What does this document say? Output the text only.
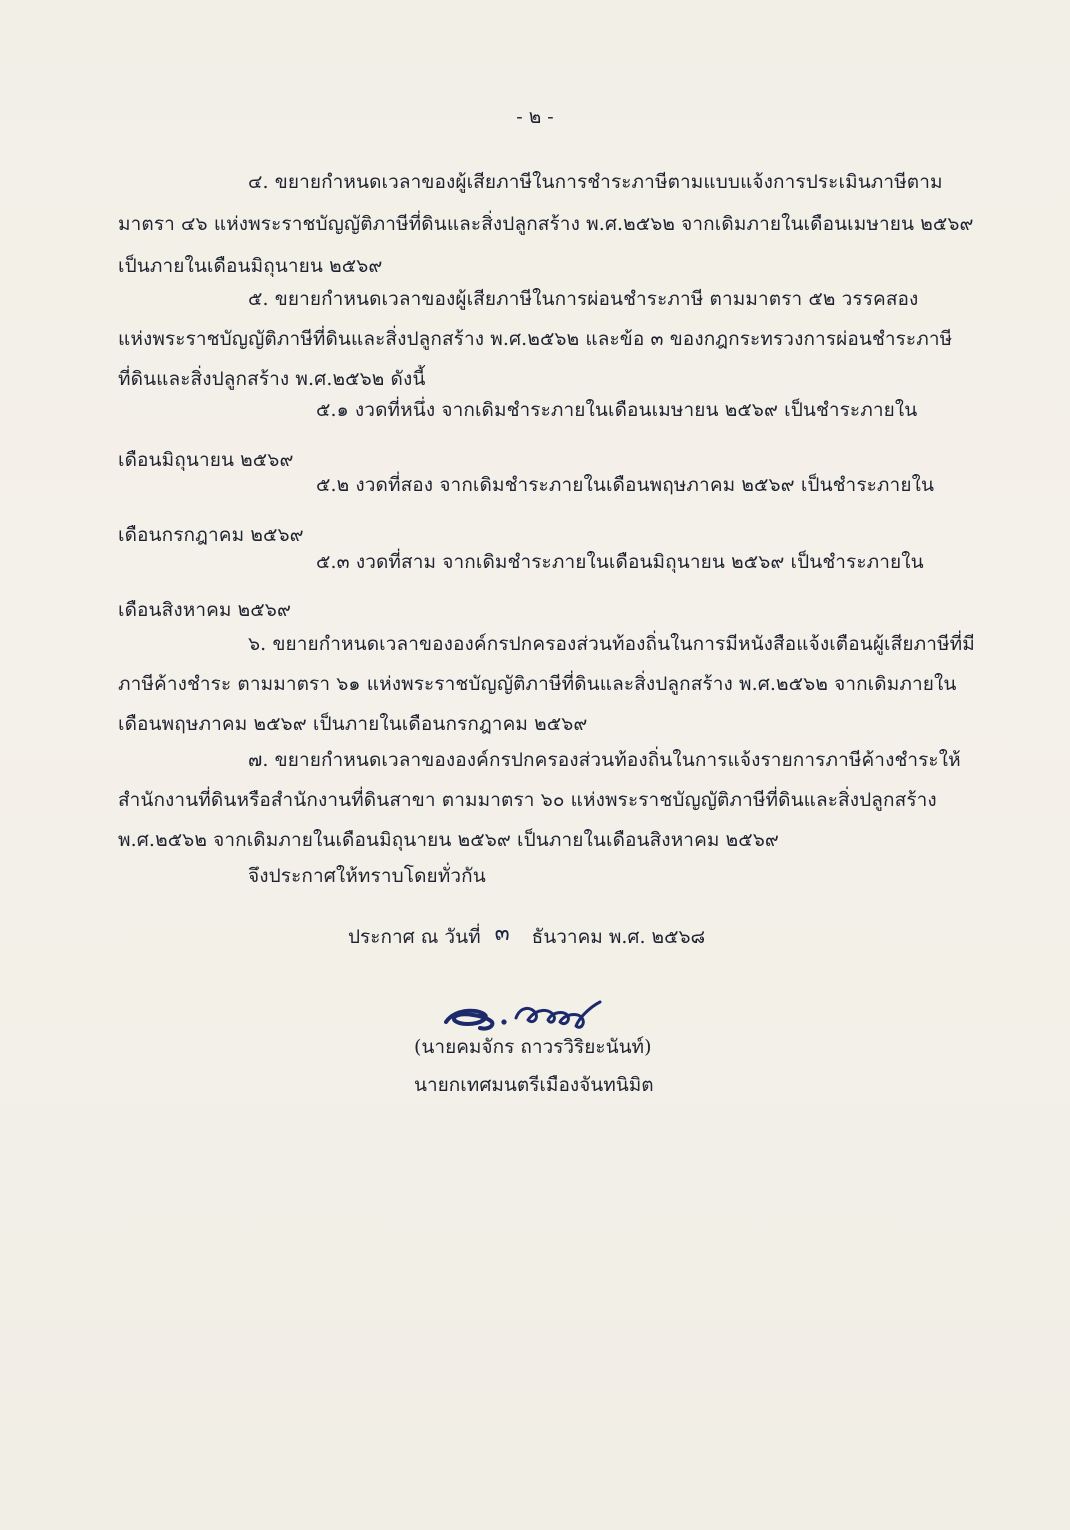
- ๒ -
๔. ขยายกำหนดเวลาของผู้เสียภาษีในการชำระภาษีตามแบบแจ้งการประเมินภาษีตาม
มาตรา ๔๖ แห่งพระราชบัญญัติภาษีที่ดินและสิ่งปลูกสร้าง พ.ศ.๒๕๖๒ จากเดิมภายในเดือนเมษายน ๒๕๖๙
เป็นภายในเดือนมิถุนายน ๒๕๖๙
๕. ขยายกำหนดเวลาของผู้เสียภาษีในการผ่อนชำระภาษี ตามมาตรา ๕๒ วรรคสอง
แห่งพระราชบัญญัติภาษีที่ดินและสิ่งปลูกสร้าง พ.ศ.๒๕๖๒ และข้อ ๓ ของกฎกระทรวงการผ่อนชำระภาษี
ที่ดินและสิ่งปลูกสร้าง พ.ศ.๒๕๖๒ ดังนี้
๕.๑ งวดที่หนึ่ง จากเดิมชำระภายในเดือนเมษายน ๒๕๖๙ เป็นชำระภายใน
เดือนมิถุนายน ๒๕๖๙
๕.๒ งวดที่สอง จากเดิมชำระภายในเดือนพฤษภาคม ๒๕๖๙ เป็นชำระภายใน
เดือนกรกฎาคม ๒๕๖๙
๕.๓ งวดที่สาม จากเดิมชำระภายในเดือนมิถุนายน ๒๕๖๙ เป็นชำระภายใน
เดือนสิงหาคม ๒๕๖๙
๖. ขยายกำหนดเวลาขององค์กรปกครองส่วนท้องถิ่นในการมีหนังสือแจ้งเตือนผู้เสียภาษีที่มี
ภาษีค้างชำระ ตามมาตรา ๖๑ แห่งพระราชบัญญัติภาษีที่ดินและสิ่งปลูกสร้าง พ.ศ.๒๕๖๒ จากเดิมภายใน
เดือนพฤษภาคม ๒๕๖๙ เป็นภายในเดือนกรกฎาคม ๒๕๖๙
๗. ขยายกำหนดเวลาขององค์กรปกครองส่วนท้องถิ่นในการแจ้งรายการภาษีค้างชำระให้
สำนักงานที่ดินหรือสำนักงานที่ดินสาขา ตามมาตรา ๖๐ แห่งพระราชบัญญัติภาษีที่ดินและสิ่งปลูกสร้าง
พ.ศ.๒๕๖๒ จากเดิมภายในเดือนมิถุนายน ๒๕๖๙ เป็นภายในเดือนสิงหาคม ๒๕๖๙
จึงประกาศให้ทราบโดยทั่วกัน
ประกาศ ณ วันที่ ๓ ธันวาคม พ.ศ. ๒๕๖๘
(นายคมจักร ถาวรวิริยะนันท์)
นายกเทศมนตรีเมืองจันทนิมิต
